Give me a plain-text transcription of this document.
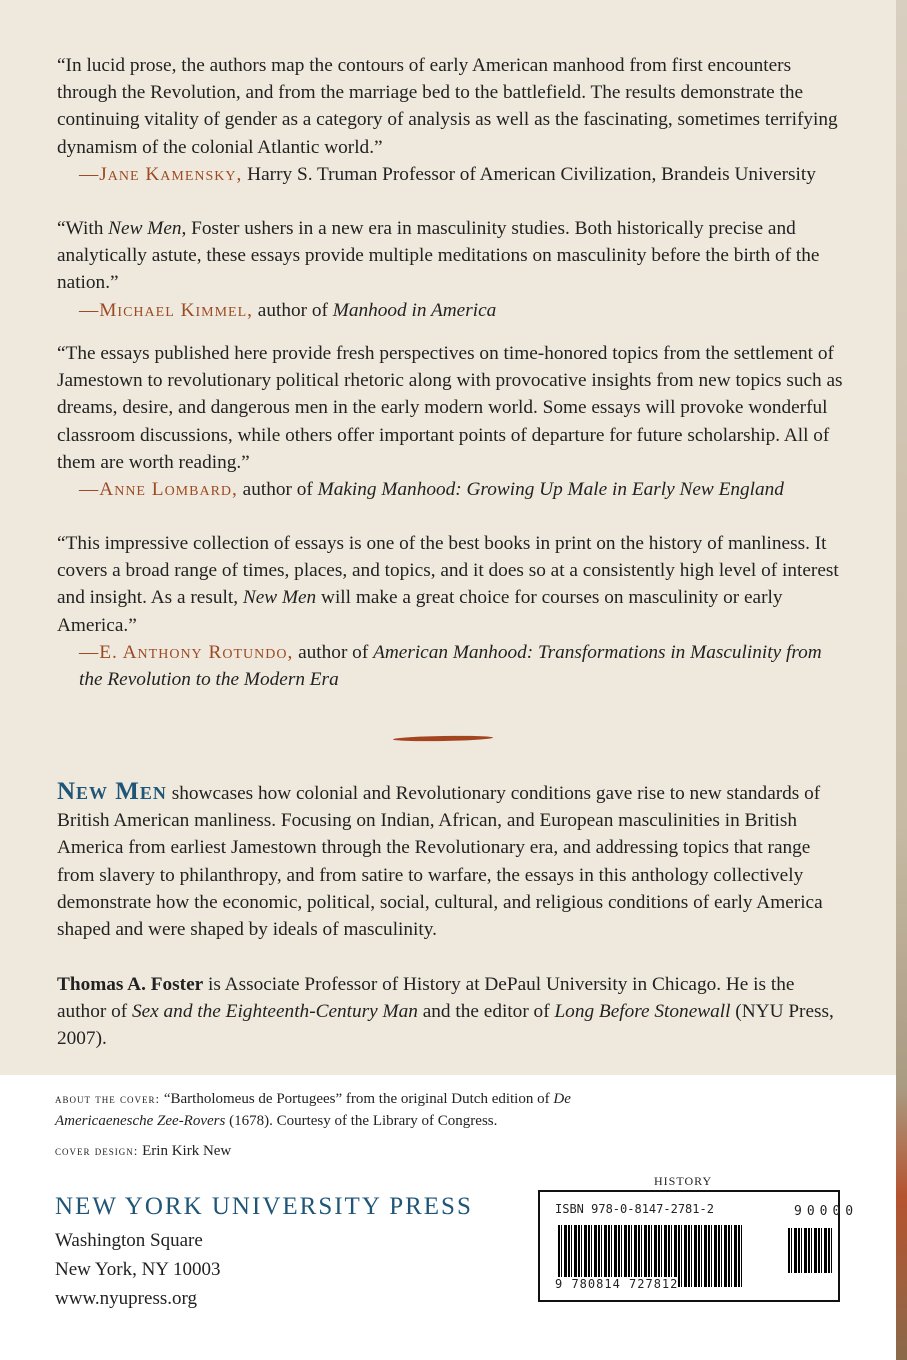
“In lucid prose, the authors map the contours of early American manhood from first encounters through the Revolution, and from the marriage bed to the battlefield. The results demonstrate the continuing vitality of gender as a category of analysis as well as the fascinating, sometimes terrifying dynamism of the colonial Atlantic world.”
—Jane Kamensky, Harry S. Truman Professor of American Civilization, Brandeis University
“With New Men, Foster ushers in a new era in masculinity studies. Both historically precise and analytically astute, these essays provide multiple meditations on masculinity before the birth of the nation.”
—Michael Kimmel, author of Manhood in America
“The essays published here provide fresh perspectives on time-honored topics from the settlement of Jamestown to revolutionary political rhetoric along with provocative insights from new topics such as dreams, desire, and dangerous men in the early modern world. Some essays will provoke wonderful classroom discussions, while others offer important points of departure for future scholarship. All of them are worth reading.”
—Anne Lombard, author of Making Manhood: Growing Up Male in Early New England
“This impressive collection of essays is one of the best books in print on the history of manliness. It covers a broad range of times, places, and topics, and it does so at a consistently high level of interest and insight. As a result, New Men will make a great choice for courses on masculinity or early America.”
—E. Anthony Rotundo, author of American Manhood: Transformations in Masculinity from the Revolution to the Modern Era
New Men showcases how colonial and Revolutionary conditions gave rise to new standards of British American manliness. Focusing on Indian, African, and European masculinities in British America from earliest Jamestown through the Revolutionary era, and addressing topics that range from slavery to philanthropy, and from satire to warfare, the essays in this anthology collectively demonstrate how the economic, political, social, cultural, and religious conditions of early America shaped and were shaped by ideals of masculinity.
Thomas A. Foster is Associate Professor of History at DePaul University in Chicago. He is the author of Sex and the Eighteenth-Century Man and the editor of Long Before Stonewall (NYU Press, 2007).
about the cover: “Bartholomeus de Portugees” from the original Dutch edition of De Americaenesche Zee-Rovers (1678). Courtesy of the Library of Congress.
cover design: Erin Kirk New
NEW YORK UNIVERSITY PRESS
Washington Square
New York, NY 10003
www.nyupress.org
HISTORY
ISBN 978-0-8147-2781-2
9 780814 727812
90000
